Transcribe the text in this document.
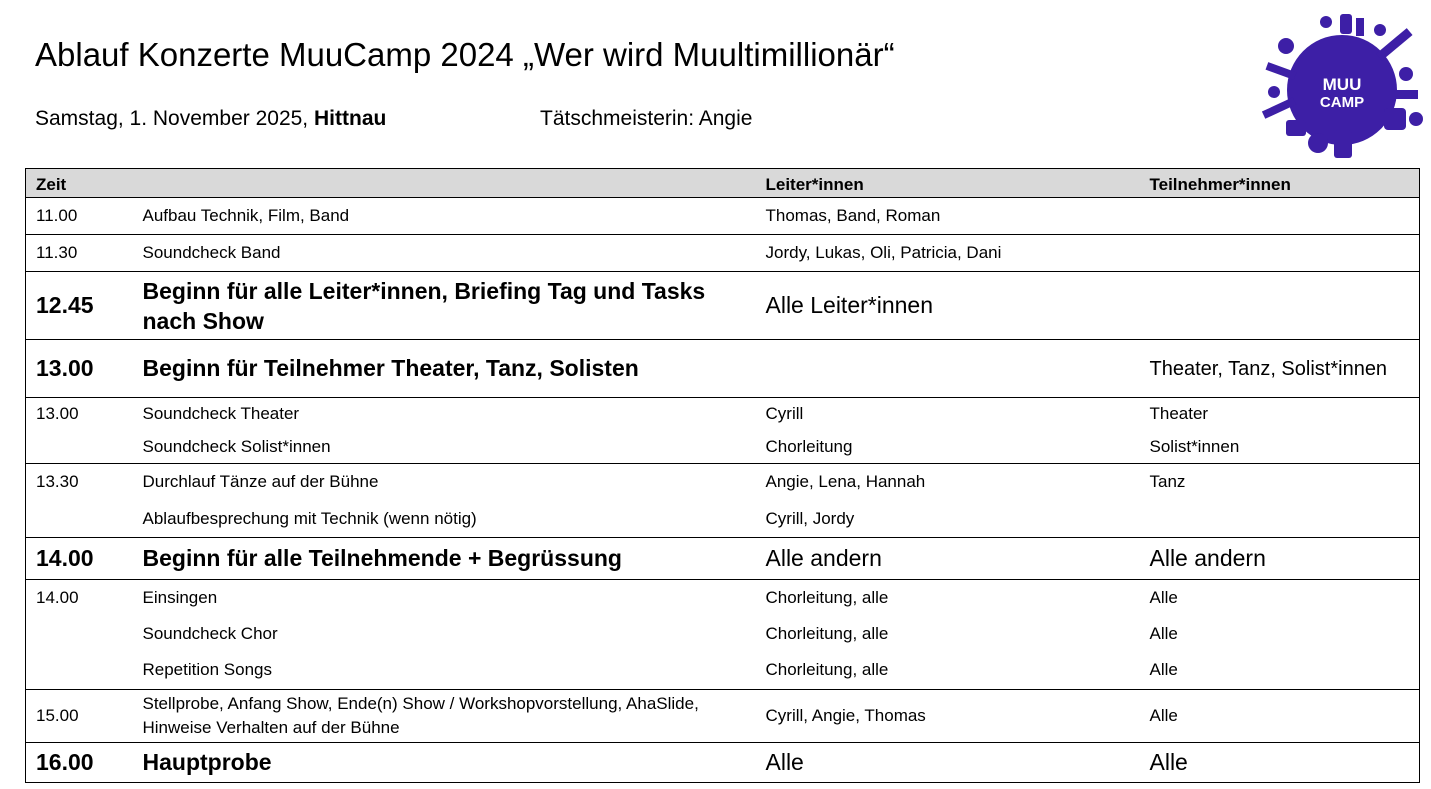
Ablauf Konzerte MuuCamp 2024 „Wer wird Muultimillionär“
Samstag, 1. November 2025, Hittnau	Tätschmeisterin: Angie
MUU
CAMP
Zeit		Leiter*innen	Teilnehmer*innen
11.00	Aufbau Technik, Film, Band	Thomas, Band, Roman	
11.30	Soundcheck Band	Jordy, Lukas, Oli, Patricia, Dani	
12.45	Beginn für alle Leiter*innen, Briefing Tag und Tasks nach Show	Alle Leiter*innen	
13.00	Beginn für Teilnehmer Theater, Tanz, Solisten		Theater, Tanz, Solist*innen
13.00	Soundcheck Theater	Cyrill	Theater
	Soundcheck Solist*innen	Chorleitung	Solist*innen
13.30	Durchlauf Tänze auf der Bühne	Angie, Lena, Hannah	Tanz
	Ablaufbesprechung mit Technik (wenn nötig)	Cyrill, Jordy	
14.00	Beginn für alle Teilnehmende + Begrüssung	Alle andern	Alle andern
14.00	Einsingen	Chorleitung, alle	Alle
	Soundcheck Chor	Chorleitung, alle	Alle
	Repetition Songs	Chorleitung, alle	Alle
15.00	Stellprobe, Anfang Show, Ende(n) Show / Workshopvorstellung, AhaSlide, Hinweise Verhalten auf der Bühne	Cyrill, Angie, Thomas	Alle
16.00	Hauptprobe	Alle	Alle
